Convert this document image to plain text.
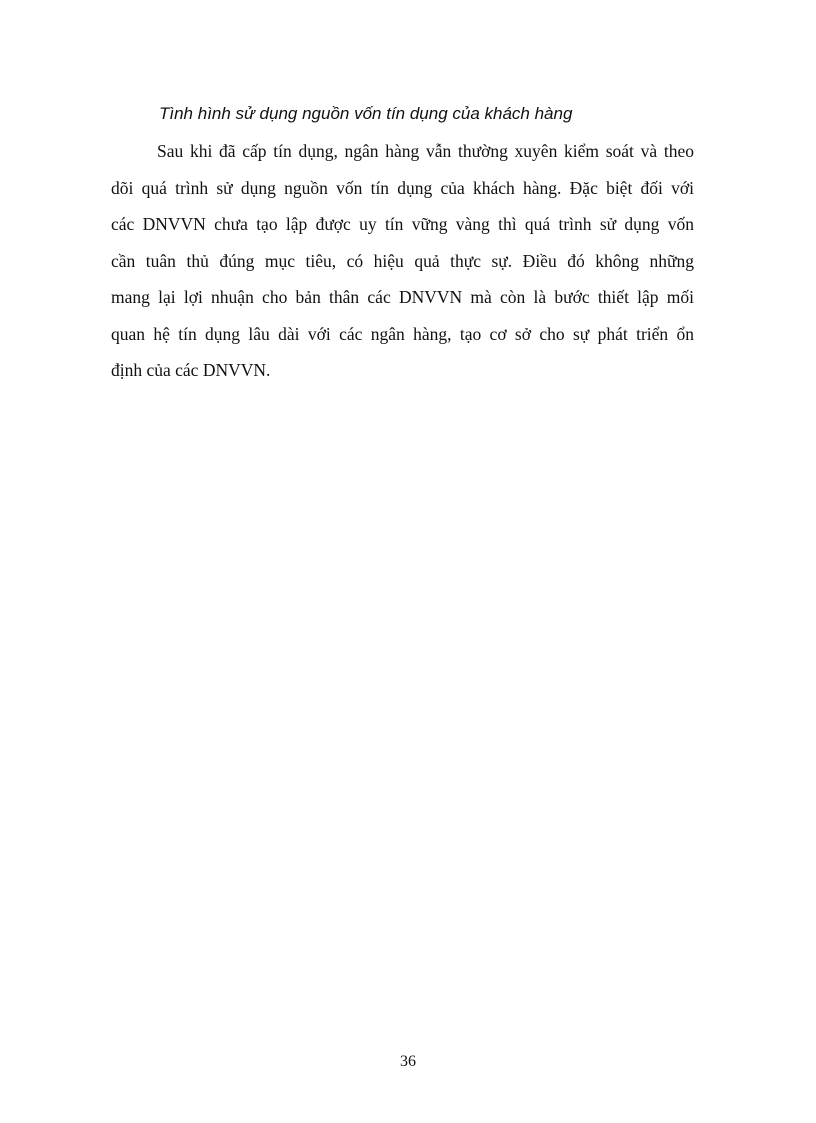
Tình hình sử dụng nguồn vốn tín dụng của khách hàng

Sau khi đã cấp tín dụng, ngân hàng vẫn thường xuyên kiểm soát và theo
dõi quá trình sử dụng nguồn vốn tín dụng của khách hàng. Đặc biệt đối với
các DNVVN chưa tạo lập được uy tín vững vàng thì quá trình sử dụng vốn
cần tuân thủ đúng mục tiêu, có hiệu quả thực sự. Điều đó không những
mang lại lợi nhuận cho bản thân các DNVVN mà còn là bước thiết lập mối
quan hệ tín dụng lâu dài với các ngân hàng, tạo cơ sở cho sự phát triển ổn
định của các DNVVN.

36
